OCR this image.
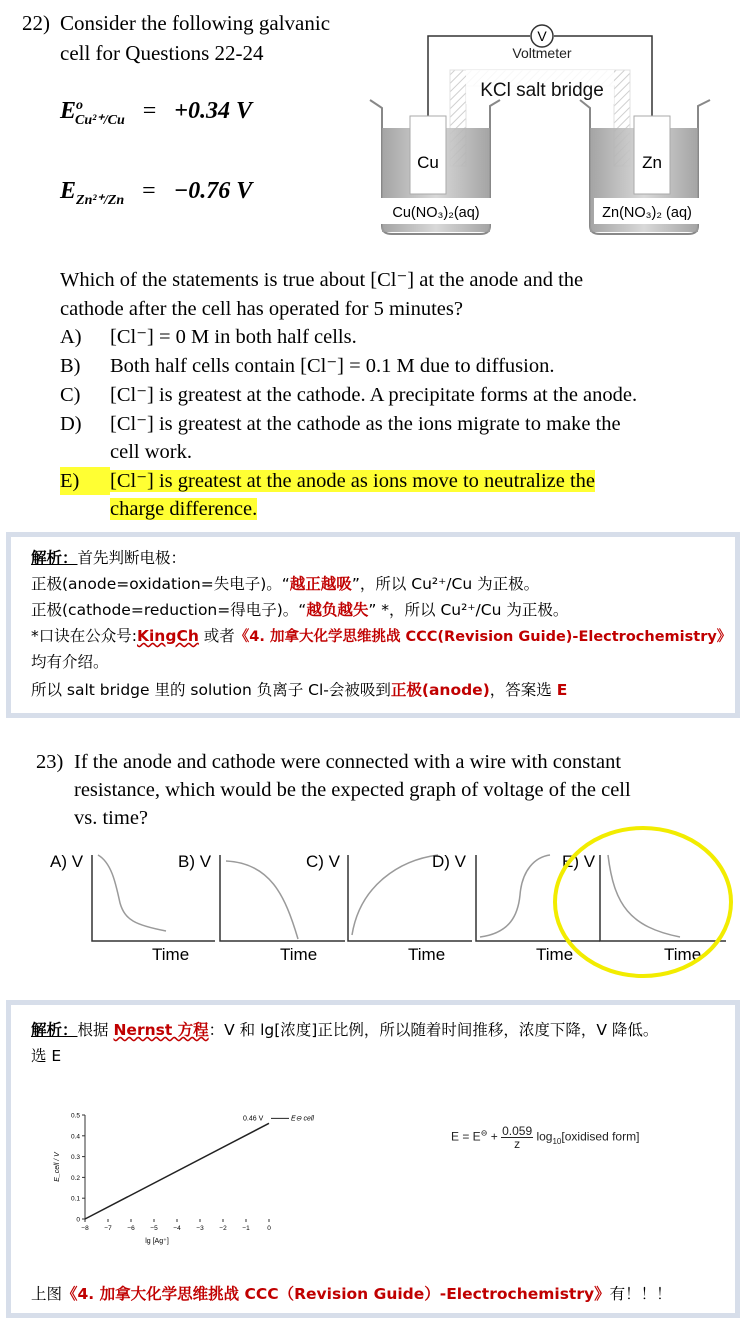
22) Consider the following galvanic
cell for Questions 22-24
$E^o_{Cu^{2+}/Cu} = +0.34$ V
$E_{Zn^{2+}/Zn} = -0.76$ V
V
Voltmeter
KCl salt bridge
Cu
Cu(NO₃)₂(aq)
Zn
Zn(NO₃)₂ (aq)
Which of the statements is true about [Cl⁻] at the anode and the
cathode after the cell has operated for 5 minutes?
A) [Cl⁻] = 0 M in both half cells.
B) Both half cells contain [Cl⁻] = 0.1 M due to diffusion.
C) [Cl⁻] is greatest at the cathode. A precipitate forms at the anode.
D) [Cl⁻] is greatest at the cathode as the ions migrate to make the
cell work.
E) [Cl⁻] is greatest at the anode as ions move to neutralize the
charge difference.
解析：首先判断电极：
正极(anode=oxidation=失电子)。“越正越吸”，所以 Cu²⁺/Cu 为正极。
正极(cathode=reduction=得电子)。“越负越失” *，所以 Cu²⁺/Cu 为正极。
*口诀在公众号:KingCh 或者《4. 加拿大化学思维挑战 CCC(Revision Guide)-Electrochemistry》
均有介绍。
所以 salt bridge 里的 solution 负离子 Cl-会被吸到正极(anode)，答案选 E
23) If the anode and cathode were connected with a wire with constant
resistance, which would be the expected graph of voltage of the cell
vs. time?
A) V	B) V	C) V	D) V	E) V
Time	Time	Time	Time	Time
解析：根据 Nernst 方程：V 和 lg[浓度]正比例，所以随着时间推移，浓度下降，V 降低。
选 E
0
0.1
0.2
0.3
0.4
0.5
−8 −7 −6 −5 −4 −3 −2 −1	0
0.46 V	E⊖ cell
lg [Ag⁺]
E_cell / V
$E = E^⊖ + \frac{0.059}{z}$ $\log_{10}[oxidised$ form]
上图《4. 加拿大化学思维挑战 CCC（Revision Guide）-Electrochemistry》有！！！
